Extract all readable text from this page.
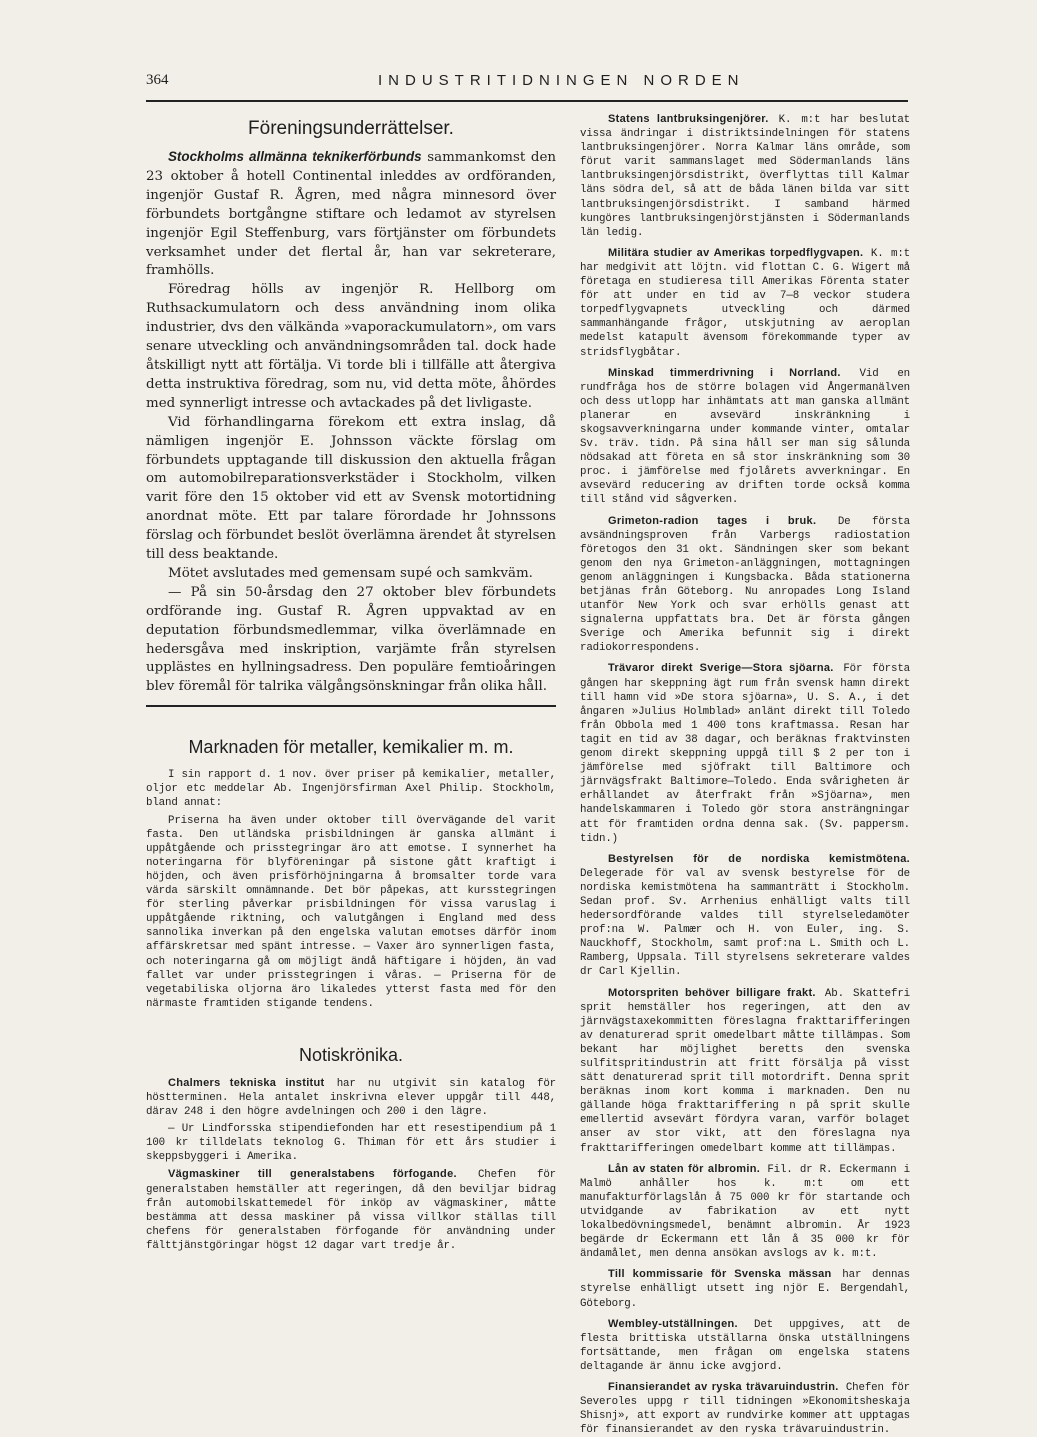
364	INDUSTRITIDNINGEN NORDEN
Föreningsunderrättelser.

Stockholms allmänna teknikerförbunds sammankomst den 23 oktober å hotell Continental inleddes av ordföranden, ingenjör Gustaf R. Ågren, med några minnesord över förbundets bortgångne stiftare och ledamot av styrelsen ingenjör Egil Steffenburg, vars förtjänster om förbundets verksamhet under det flertal år, han var sekreterare, framhölls.

Föredrag hölls av ingenjör R. Hellborg om Ruthsackumulatorn och dess användning inom olika industrier, dvs den välkända »vaporackumulatorn», om vars senare utveckling och användningsområden tal. dock hade åtskilligt nytt att förtälja. Vi torde bli i tillfälle att återgiva detta instruktiva föredrag, som nu, vid detta möte, åhördes med synnerligt intresse och avtackades på det livligaste.

Vid förhandlingarna förekom ett extra inslag, då nämligen ingenjör E. Johnsson väckte förslag om förbundets upptagande till diskussion den aktuella frågan om automobilreparationsverkstäder i Stockholm, vilken varit före den 15 oktober vid ett av Svensk motortidning anordnat möte. Ett par talare förordade hr Johnssons förslag och förbundet beslöt överlämna ärendet åt styrelsen till dess beaktande.

Mötet avslutades med gemensam supé och samkväm.

— På sin 50-årsdag den 27 oktober blev förbundets ordförande ing. Gustaf R. Ågren uppvaktad av en deputation förbundsmedlemmar, vilka överlämnade en hedersgåva med inskription, varjämte från styrelsen upplästes en hyllningsadress. Den populäre femtioåringen blev föremål för talrika välgångsönskningar från olika håll.

Marknaden för metaller, kemikalier m. m.

I sin rapport d. 1 nov. över priser på kemikalier, metaller, oljor etc meddelar Ab. Ingenjörsfirman Axel Philip. Stockholm, bland annat:

Priserna ha även under oktober till övervägande del varit fasta. Den utländska prisbildningen är ganska allmänt i uppåtgående och prisstegringar äro att emotse. I synnerhet ha noteringarna för blyföreningar på sistone gått kraftigt i höjden, och även prisförhöjningarna å bromsalter torde vara värda särskilt omnämnande. Det bör påpekas, att kursstegringen för sterling påverkar prisbildningen för vissa varuslag i uppåtgående riktning, och valutgången i England med dess sannolika inverkan på den engelska valutan emotses därför inom affärskretsar med spänt intresse. — Vaxer äro synnerligen fasta, och noteringarna gå om möjligt ändå häftigare i höjden, än vad fallet var under prisstegringen i våras. — Priserna för de vegetabiliska oljorna äro likaledes ytterst fasta med för den närmaste framtiden stigande tendens.

Notiskrönika.

Chalmers tekniska institut har nu utgivit sin katalog för höstterminen. Hela antalet inskrivna elever uppgår till 448, därav 248 i den högre avdelningen och 200 i den lägre.

— Ur Lindforsska stipendiefonden har ett resestipendium på 1 100 kr tilldelats teknolog G. Thiman för ett års studier i skeppsbyggeri i Amerika.

Vägmaskiner till generalstabens förfogande. Chefen för generalstaben hemställer att regeringen, då den beviljar bidrag från automobilskattemedel för inköp av vägmaskiner, måtte bestämma att dessa maskiner på vissa villkor ställas till chefens för generalstaben förfogande för användning under fälttjänstgöringar högst 12 dagar vart tredje år.

Statens lantbruksingenjörer. K. m:t har beslutat vissa ändringar i distriktsindelningen för statens lantbruksingenjörer. Norra Kalmar läns område, som förut varit sammanslaget med Södermanlands läns lantbruksingenjörsdistrikt, överflyttas till Kalmar läns södra del, så att de båda länen bilda var sitt lantbruksingenjörsdistrikt. I samband härmed kungöres lantbruksingenjörstjänsten i Södermanlands län ledig.

Militära studier av Amerikas torpedflygvapen. K. m:t har medgivit att löjtn. vid flottan C. G. Wigert må företaga en studieresa till Amerikas Förenta stater för att under en tid av 7—8 veckor studera torpedflygvapnets utveckling och därmed sammanhängande frågor, utskjutning av aeroplan medelst katapult ävensom förekommande typer av stridsflygbåtar.

Minskad timmerdrivning i Norrland. Vid en rundfråga hos de större bolagen vid Ångermanälven och dess utlopp har inhämtats att man ganska allmänt planerar en avsevärd inskränkning i skogsavverkningarna under kommande vinter, omtalar Sv. träv. tidn. På sina håll ser man sig sålunda nödsakad att företa en så stor inskränkning som 30 proc. i jämförelse med fjolårets avverkningar. En avsevärd reducering av driften torde också komma till stånd vid sågverken.

Grimeton-radion tages i bruk. De första avsändningsproven från Varbergs radiostation företogos den 31 okt. Sändningen sker som bekant genom den nya Grimeton-anläggningen, mottagningen genom anläggningen i Kungsbacka. Båda stationerna betjänas från Göteborg. Nu anropades Long Island utanför New York och svar erhölls genast att signalerna uppfattats bra. Det är första gången Sverige och Amerika befunnit sig i direkt radiokorrespondens.

Trävaror direkt Sverige—Stora sjöarna. För första gången har skeppning ägt rum från svensk hamn direkt till hamn vid »De stora sjöarna», U. S. A., i det ångaren »Julius Holmblad» anlänt direkt till Toledo från Obbola med 1 400 tons kraftmassa. Resan har tagit en tid av 38 dagar, och beräknas fraktvinsten genom direkt skeppning uppgå till $ 2 per ton i jämförelse med sjöfrakt till Baltimore och järnvägsfrakt Baltimore—Toledo. Enda svårigheten är erhållandet av återfrakt från »Sjöarna», men handelskammaren i Toledo gör stora ansträngningar att för framtiden ordna denna sak. (Sv. pappersm. tidn.)

Bestyrelsen för de nordiska kemistmötena. Delegerade för val av svensk bestyrelse för de nordiska kemistmötena ha sammanträtt i Stockholm. Sedan prof. Sv. Arrhenius enhälligt valts till hedersordförande valdes till styrelseledamöter prof:na W. Palmær och H. von Euler, ing. S. Nauckhoff, Stockholm, samt prof:na L. Smith och L. Ramberg, Uppsala. Till styrelsens sekreterare valdes dr Carl Kjellin.

Motorspriten behöver billigare frakt. Ab. Skattefri sprit hemställer hos regeringen, att den av järnvägstaxekommitten föreslagna frakttarifferingen av denaturerad sprit omedelbart måtte tillämpas. Som bekant har möjlighet beretts den svenska sulfitspritindustrin att fritt försälja på visst sätt denaturerad sprit till motordrift. Denna sprit beräknas inom kort komma i marknaden. Den nu gällande höga frakttariffering n på sprit skulle emellertid avsevärt fördyra varan, varför bolaget anser av stor vikt, att den föreslagna nya frakttarifferingen omedelbart komme att tillämpas.

Lån av staten för albromin. Fil. dr R. Eckermann i Malmö anhåller hos k. m:t om ett manufakturförlagslån å 75 000 kr för startande och utvidgande av fabrikation av ett nytt lokalbedövningsmedel, benämnt albromin. År 1923 begärde dr Eckermann ett lån å 35 000 kr för ändamålet, men denna ansökan avslogs av k. m:t.

Till kommissarie för Svenska mässan har dennas styrelse enhälligt utsett ing njör E. Bergendahl, Göteborg.

Wembley-utställningen. Det uppgives, att de flesta brittiska utställarna önska utställningens fortsättande, men frågan om engelska statens deltagande är ännu icke avgjord.

Finansierandet av ryska trävaruindustrin. Chefen för Severoles uppg r till tidningen »Ekonomitsheskaja Shisnj», att export av rundvirke kommer att upptagas för finansierandet av den ryska trävaruindustrin.
